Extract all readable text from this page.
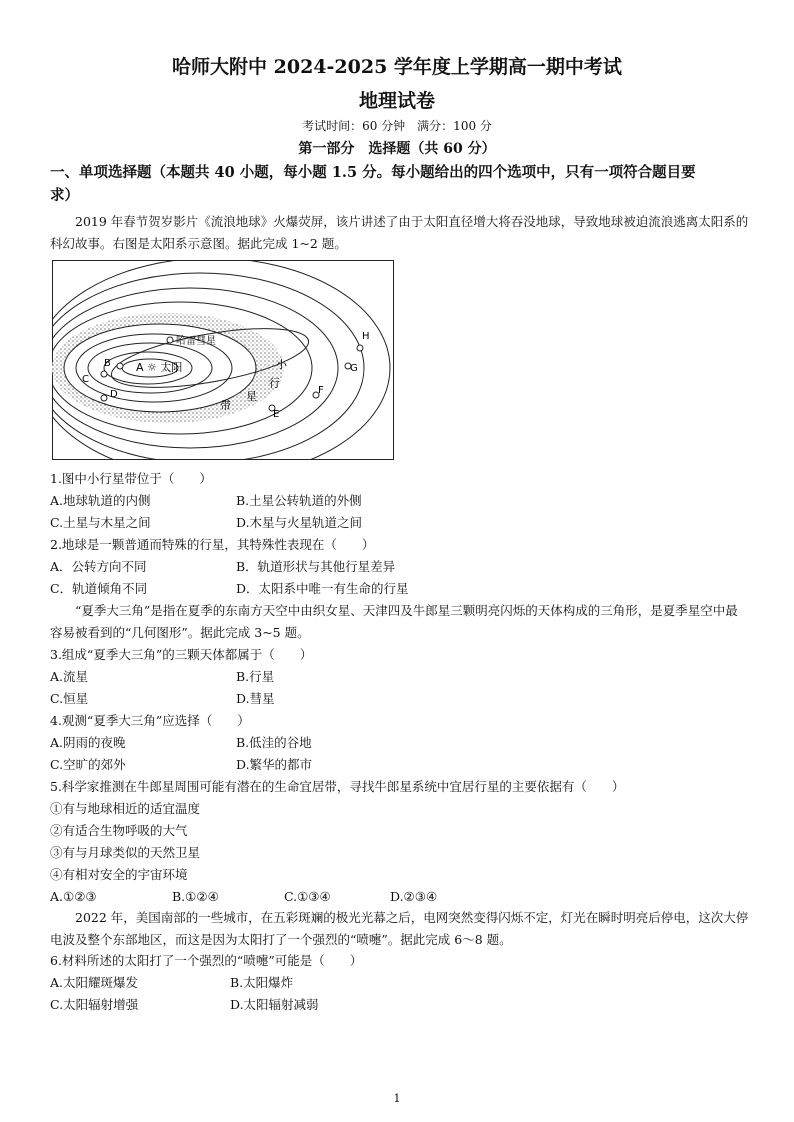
哈师大附中 2024-2025 学年度上学期高一期中考试
地理试卷
考试时间：60 分钟　满分：100 分
第一部分　选择题（共 60 分）
一、单项选择题（本题共 40 小题，每小题 1.5 分。每小题给出的四个选项中，只有一项符合题目要
求）
2019 年春节贺岁影片《流浪地球》火爆荧屏，该片讲述了由于太阳直径增大将吞没地球，导致地球被迫流浪逃离太阳系的科幻故事。右图是太阳系示意图。据此完成 1~2 题。
A ☼ 太阳
哈雷彗星
B
C
D
E
F
G
H
小
行
星
带
1.图中小行星带位于（　　）
A.地球轨道的内侧	B.土星公转轨道的外侧
C.土星与木星之间	D.木星与火星轨道之间
2.地球是一颗普通而特殊的行星，其特殊性表现在（　　）
A．公转方向不同	B．轨道形状与其他行星差异
C．轨道倾角不同	D．太阳系中唯一有生命的行星
“夏季大三角”是指在夏季的东南方天空中由织女星、天津四及牛郎星三颗明亮闪烁的天体构成的三角形，是夏季星空中最容易被看到的“几何图形”。据此完成 3~5 题。
3.组成“夏季大三角”的三颗天体都属于（　　）
A.流星	B.行星
C.恒星	D.彗星
4.观测“夏季大三角”应选择（　　）
A.阴雨的夜晚	B.低洼的谷地
C.空旷的郊外	D.繁华的都市
5.科学家推测在牛郎星周围可能有潜在的生命宜居带，寻找牛郎星系统中宜居行星的主要依据有（　　）
①有与地球相近的适宜温度
②有适合生物呼吸的大气
③有与月球类似的天然卫星
④有相对安全的宇宙环境
A.①②③	B.①②④	C.①③④	D.②③④
2022 年，美国南部的一些城市，在五彩斑斓的极光光幕之后，电网突然变得闪烁不定，灯光在瞬时明亮后停电，这次大停电波及整个东部地区，而这是因为太阳打了一个强烈的“喷嚏”。据此完成 6～8 题。
6.材料所述的太阳打了一个强烈的“喷嚏”可能是（　　）
A.太阳耀斑爆发	B.太阳爆炸
C.太阳辐射增强	D.太阳辐射减弱
1
